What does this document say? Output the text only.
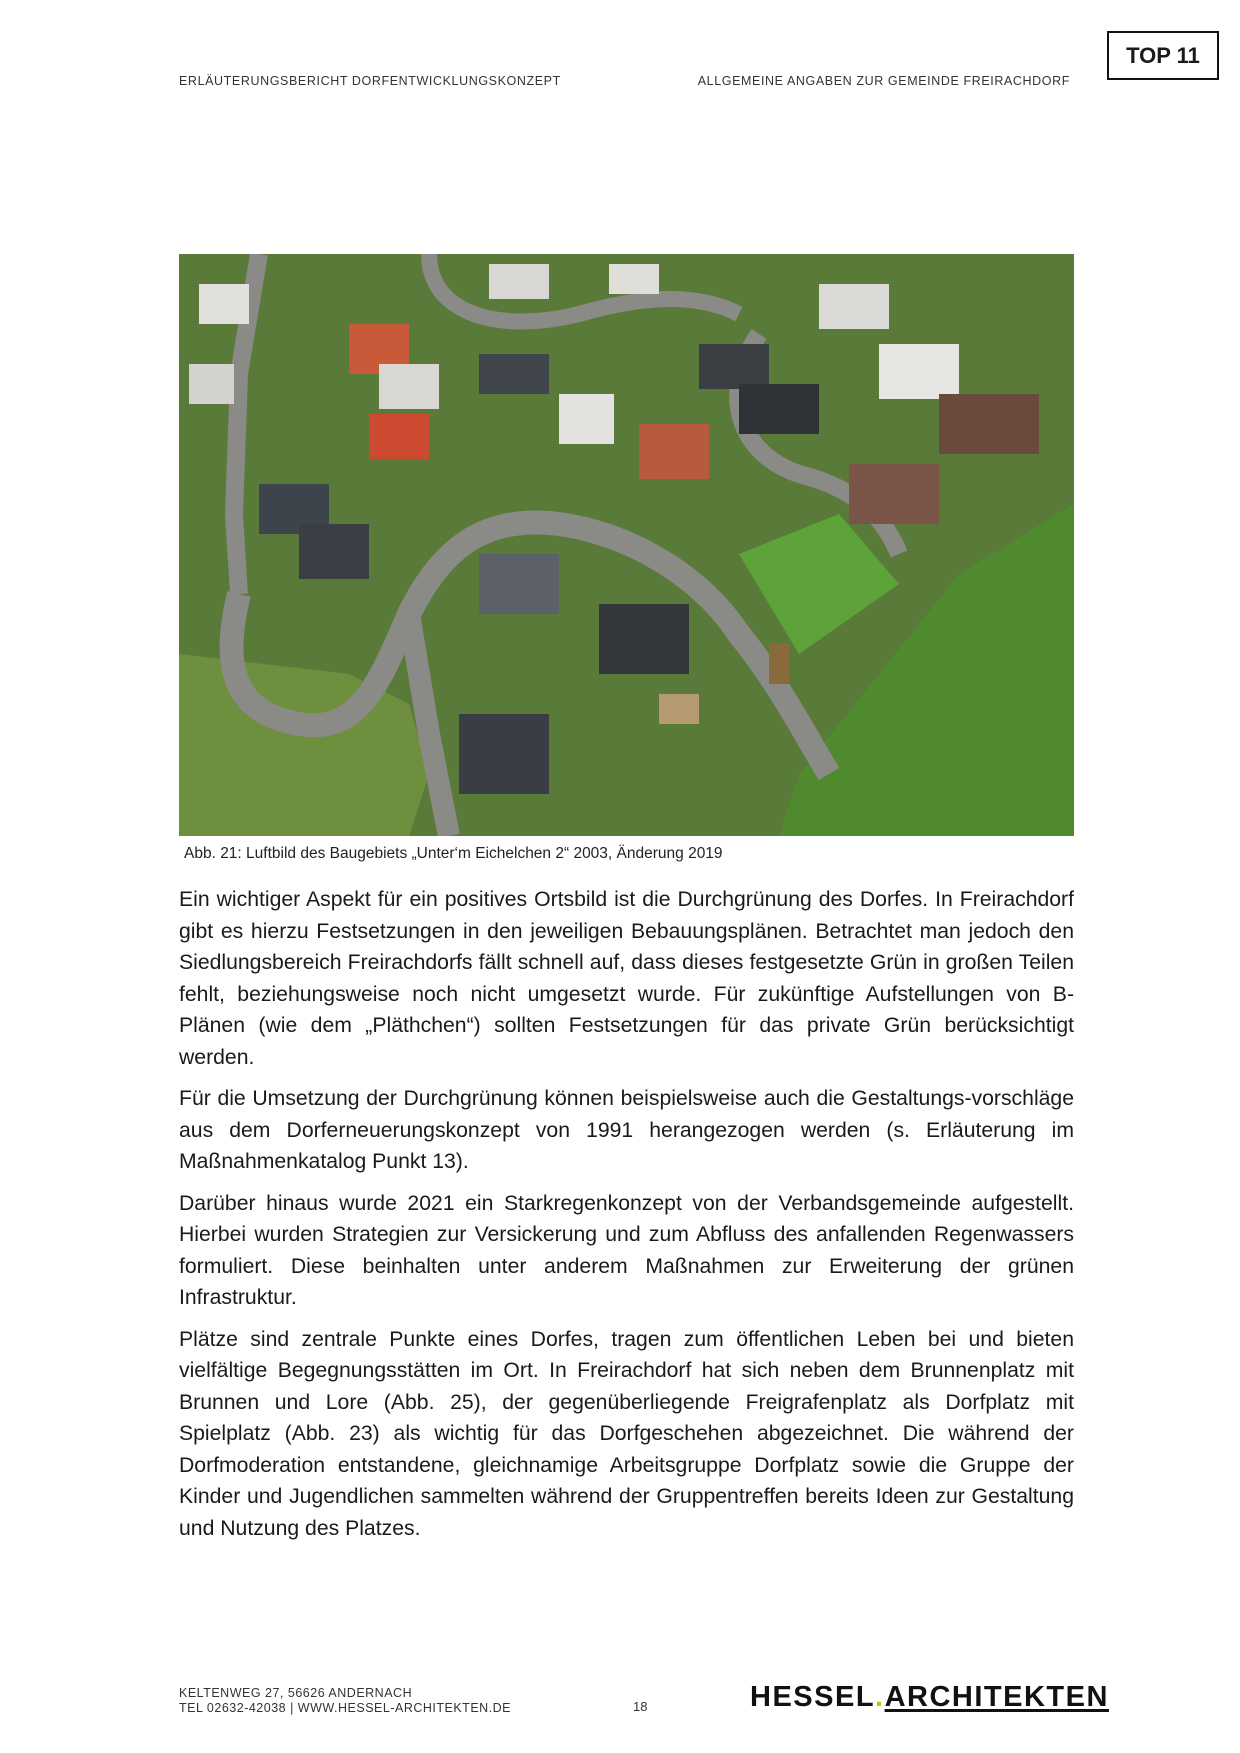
ERLÄUTERUNGSBERICHT DORFENTWICKLUNGSKONZEPT	ALLGEMEINE ANGABEN ZUR GEMEINDE FREIRACHDORF
TOP 11
Abb. 21: Luftbild des Baugebiets „Unter‘m Eichelchen 2“ 2003, Änderung 2019

Ein wichtiger Aspekt für ein positives Ortsbild ist die Durchgrünung des Dorfes. In Freirachdorf gibt es hierzu Festsetzungen in den jeweiligen Bebauungsplänen. Betrachtet man jedoch den Siedlungsbereich Freirachdorfs fällt schnell auf, dass dieses festgesetzte Grün in großen Teilen fehlt, beziehungsweise noch nicht umgesetzt wurde. Für zukünftige Aufstellungen von B-Plänen (wie dem „Pläthchen“) sollten Festsetzungen für das private Grün berücksichtigt werden.

Für die Umsetzung der Durchgrünung können beispielsweise auch die Gestaltungs-vorschläge aus dem Dorferneuerungskonzept von 1991 herangezogen werden (s. Erläuterung im Maßnahmenkatalog Punkt 13).

Darüber hinaus wurde 2021 ein Starkregenkonzept von der Verbandsgemeinde aufgestellt. Hierbei wurden Strategien zur Versickerung und zum Abfluss des anfallenden Regenwassers formuliert. Diese beinhalten unter anderem Maßnahmen zur Erweiterung der grünen Infrastruktur.

Plätze sind zentrale Punkte eines Dorfes, tragen zum öffentlichen Leben bei und bieten vielfältige Begegnungsstätten im Ort. In Freirachdorf hat sich neben dem Brunnenplatz mit Brunnen und Lore (Abb. 25), der gegenüberliegende Freigrafenplatz als Dorfplatz mit Spielplatz (Abb. 23) als wichtig für das Dorfgeschehen abgezeichnet. Die während der Dorfmoderation entstandene, gleichnamige Arbeitsgruppe Dorfplatz sowie die Gruppe der Kinder und Jugendlichen sammelten während der Gruppentreffen bereits Ideen zur Gestaltung und Nutzung des Platzes.

KELTENWEG 27, 56626 ANDERNACH
TEL 02632-42038 | WWW.HESSEL-ARCHITEKTEN.DE	18	HESSEL.ARCHITEKTEN
